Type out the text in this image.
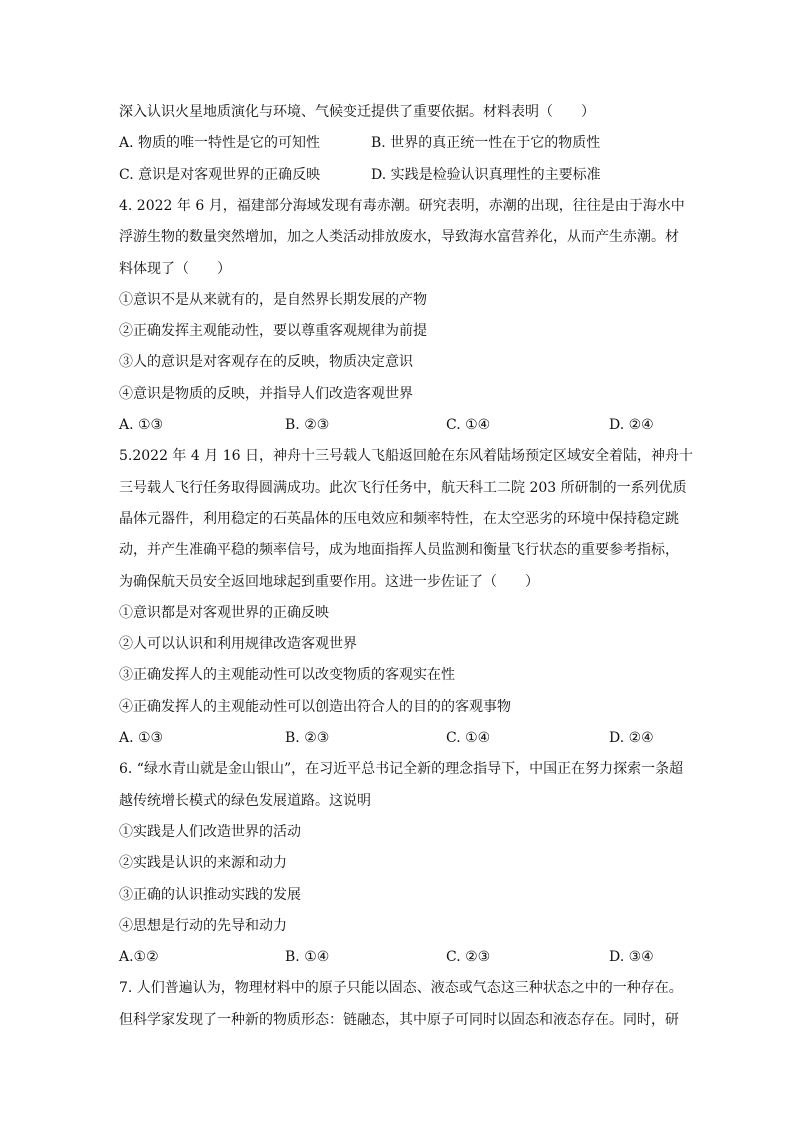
深入认识火星地质演化与环境、气候变迁提供了重要依据。材料表明（　　）
A. 物质的唯一特性是它的可知性	B. 世界的真正统一性在于它的物质性
C. 意识是对客观世界的正确反映	D. 实践是检验认识真理性的主要标准
4. 2022 年 6 月，福建部分海域发现有毒赤潮。研究表明，赤潮的出现，往往是由于海水中
浮游生物的数量突然增加，加之人类活动排放废水，导致海水富营养化，从而产生赤潮。材
料体现了（　　）
①意识不是从来就有的，是自然界长期发展的产物
②正确发挥主观能动性，要以尊重客观规律为前提
③人的意识是对客观存在的反映，物质决定意识
④意识是物质的反映，并指导人们改造客观世界
A. ①③	B. ②③	C. ①④	D. ②④
5.2022 年 4 月 16 日，神舟十三号载人飞船返回舱在东风着陆场预定区域安全着陆，神舟十
三号载人飞行任务取得圆满成功。此次飞行任务中，航天科工二院 203 所研制的一系列优质
晶体元器件，利用稳定的石英晶体的压电效应和频率特性，在太空恶劣的环境中保持稳定跳
动，并产生准确平稳的频率信号，成为地面指挥人员监测和衡量飞行状态的重要参考指标，
为确保航天员安全返回地球起到重要作用。这进一步佐证了（　　）
①意识都是对客观世界的正确反映
②人可以认识和利用规律改造客观世界
③正确发挥人的主观能动性可以改变物质的客观实在性
④正确发挥人的主观能动性可以创造出符合人的目的的客观事物
A. ①③	B. ②③	C. ①④	D. ②④
6. “绿水青山就是金山银山”，在习近平总书记全新的理念指导下，中国正在努力探索一条超
越传统增长模式的绿色发展道路。这说明
①实践是人们改造世界的活动
②实践是认识的来源和动力
③正确的认识推动实践的发展
④思想是行动的先导和动力
A.①②	B. ①④	C. ②③	D. ③④
7. 人们普遍认为，物理材料中的原子只能以固态、液态或气态这三种状态之中的一种存在。
但科学家发现了一种新的物质形态：链融态，其中原子可同时以固态和液态存在。同时，研
